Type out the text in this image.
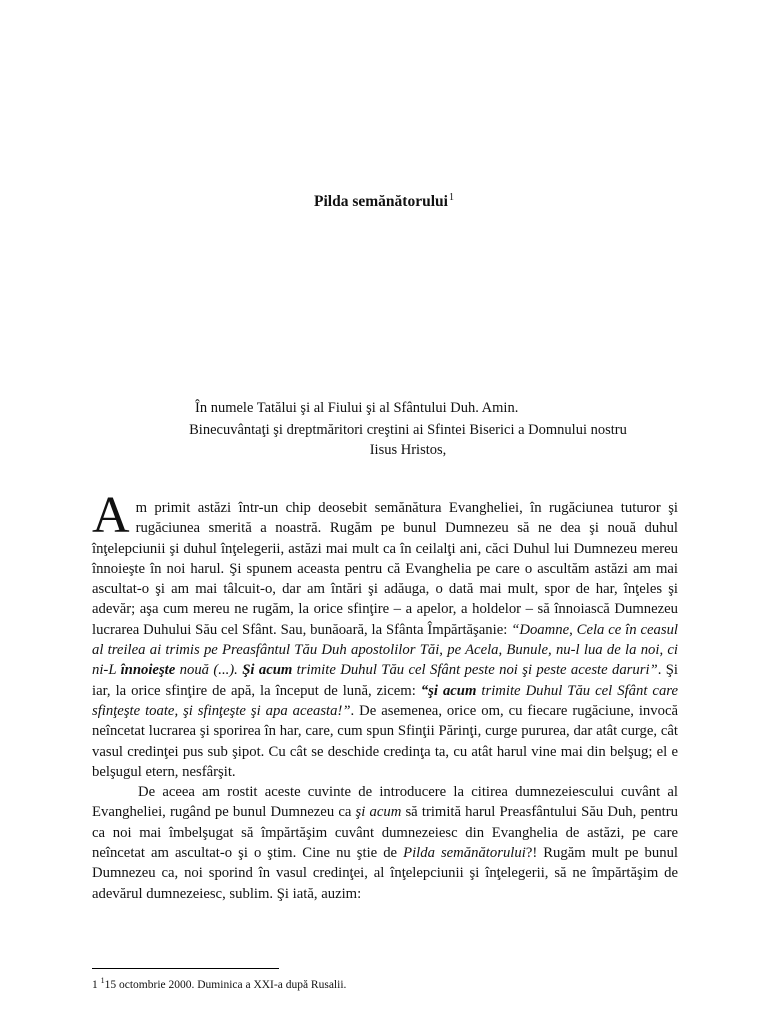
Pilda semănătorului$^1$
În numele Tatălui şi al Fiului şi al Sfântului Duh. Amin.
Binecuvântaţi şi dreptmăritori creştini ai Sfintei Biserici a Domnului nostru
Iisus Hristos,

Am primit astăzi într-un chip deosebit semănătura Evangheliei, în rugăciunea tuturor şi rugăciunea smerită a noastră. Rugăm pe bunul Dumnezeu să ne dea şi nouă duhul înţelepciunii şi duhul înţelegerii, astăzi mai mult ca în ceilalţi ani, căci Duhul lui Dumnezeu mereu înnoieşte în noi harul. Şi spunem aceasta pentru că Evanghelia pe care o ascultăm astăzi am mai ascultat-o şi am mai tâlcuit-o, dar am întări şi adăuga, o dată mai mult, spor de har, înţeles şi adevăr; aşa cum mereu ne rugăm, la orice sfinţire – a apelor, a holdelor – să înnoiască Dumnezeu lucrarea Duhului Său cel Sfânt. Sau, bunăoară, la Sfânta Împărtăşanie: “Doamne, Cela ce în ceasul al treilea ai trimis pe Preasfântul Tău Duh apostolilor Tăi, pe Acela, Bunule, nu-l lua de la noi, ci ni-L înnoieşte nouă (...). Şi acum trimite Duhul Tău cel Sfânt peste noi şi peste aceste daruri”. Şi iar, la orice sfinţire de apă, la început de lună, zicem: “şi acum trimite Duhul Tău cel Sfânt care sfinţeşte toate, şi sfinţeşte şi apa aceasta!”. De asemenea, orice om, cu fiecare rugăciune, invocă neîncetat lucrarea şi sporirea în har, care, cum spun Sfinţii Părinţi, curge pururea, dar atât curge, cât vasul credinţei pus sub şipot. Cu cât se deschide credinţa ta, cu atât harul vine mai din belşug; el e belşugul etern, nesfârşit.

De aceea am rostit aceste cuvinte de introducere la citirea dumnezeiescului cuvânt al Evangheliei, rugând pe bunul Dumnezeu ca şi acum să trimită harul Preasfântului Său Duh, pentru ca noi mai îmbelşugat să împărtăşim cuvânt dumnezeiesc din Evanghelia de astăzi, pe care neîncetat am ascultat-o şi o ştim. Cine nu ştie de Pilda semănătorului?! Rugăm mult pe bunul Dumnezeu ca, noi sporind în vasul credinţei, al înţelepciunii şi înţelegerii, să ne împărtăşim de adevărul dumnezeiesc, sublim. Şi iată, auzim:

1 $^1$15 octombrie 2000. Duminica a XXI-a după Rusalii.
